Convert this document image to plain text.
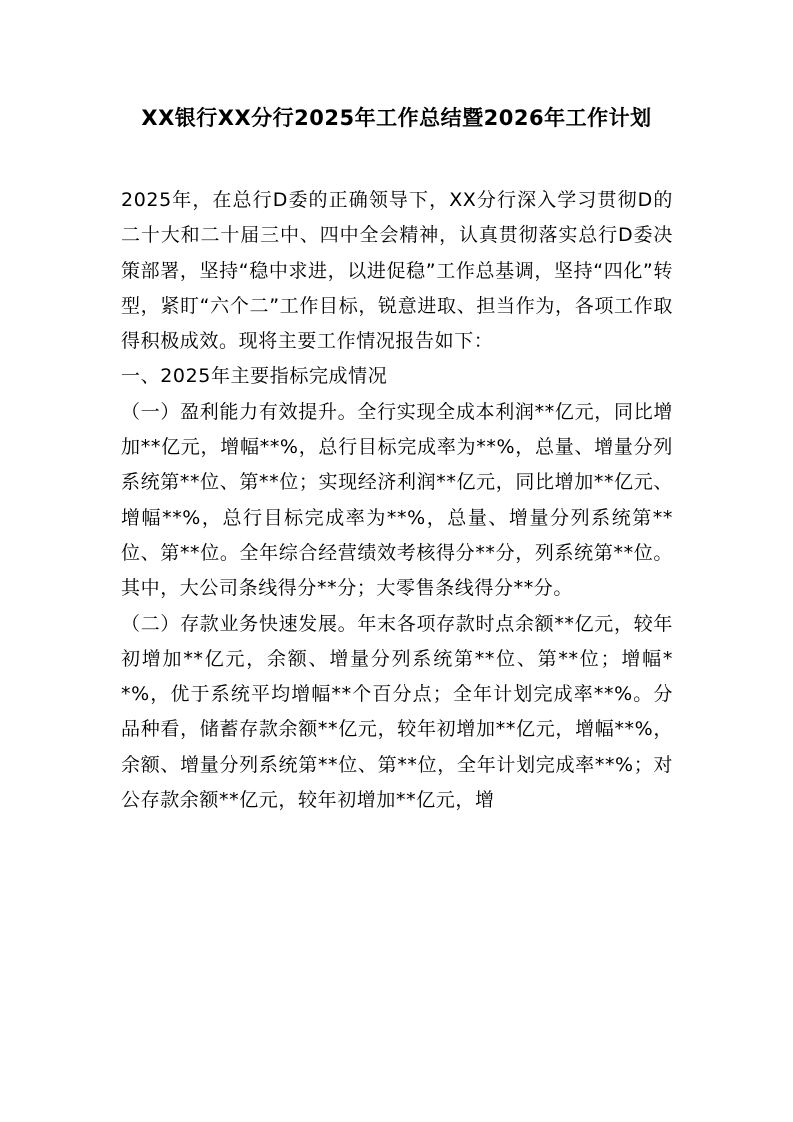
XX银行XX分行2025年工作总结暨2026年工作计划

2025年，在总行D委的正确领导下，XX分行深入学习贯彻D的二十大和二十届三中、四中全会精神，认真贯彻落实总行D委决策部署，坚持“稳中求进，以进促稳”工作总基调，坚持“四化”转型，紧盯“六个二”工作目标，锐意进取、担当作为，各项工作取得积极成效。现将主要工作情况报告如下：

一、2025年主要指标完成情况

（一）盈利能力有效提升。全行实现全成本利润**亿元，同比增加**亿元，增幅**%，总行目标完成率为**%，总量、增量分列系统第**位、第**位；实现经济利润**亿元，同比增加**亿元、增幅**%，总行目标完成率为**%，总量、增量分列系统第**位、第**位。全年综合经营绩效考核得分**分，列系统第**位。其中，大公司条线得分**分；大零售条线得分**分。

（二）存款业务快速发展。年末各项存款时点余额**亿元，较年初增加**亿元，余额、增量分列系统第**位、第**位；增幅**%，优于系统平均增幅**个百分点；全年计划完成率**%。分品种看，储蓄存款余额**亿元，较年初增加**亿元，增幅**%，余额、增量分列系统第**位、第**位，全年计划完成率**%；对公存款余额**亿元，较年初增加**亿元，增
